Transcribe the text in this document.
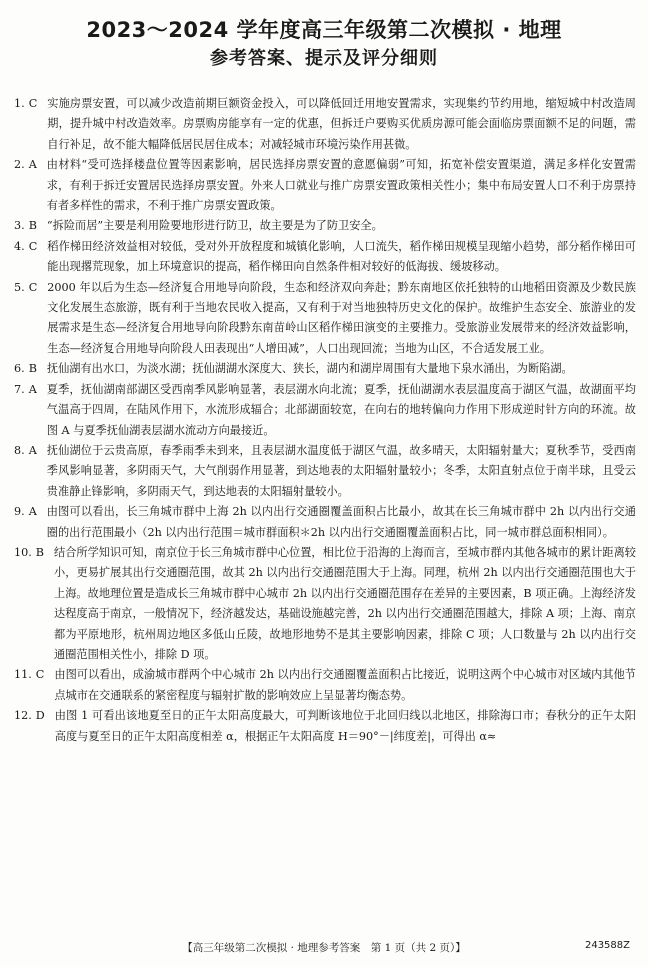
2023～2024 学年度高三年级第二次模拟 · 地理
参考答案、提示及评分细则
1. C 实施房票安置，可以减少改造前期巨额资金投入，可以降低回迁用地安置需求，实现集约节约用地，缩短城中村改造周期，提升城中村改造效率。房票购房能享有一定的优惠，但拆迁户要购买优质房源可能会面临房票面额不足的问题，需自行补足，故不能大幅降低居民居住成本；对减轻城市环境污染作用甚微。
2. A 由材料“受可选择楼盘位置等因素影响，居民选择房票安置的意愿偏弱”可知，拓宽补偿安置渠道，满足多样化安置需求，有利于拆迁安置居民选择房票安置。外来人口就业与推广房票安置政策相关性小；集中布局安置人口不利于房票持有者多样性的需求，不利于推广房票安置政策。
3. B “拆险而居”主要是利用险要地形进行防卫，故主要是为了防卫安全。
4. C 稻作梯田经济效益相对较低，受对外开放程度和城镇化影响，人口流失，稻作梯田规模呈现缩小趋势，部分稻作梯田可能出现撂荒现象，加上环境意识的提高，稻作梯田向自然条件相对较好的低海拔、缓坡移动。
5. C 2000 年以后为生态—经济复合用地导向阶段，生态和经济双向奔赴；黔东南地区依托独特的山地稻田资源及少数民族文化发展生态旅游，既有利于当地农民收入提高，又有利于对当地独特历史文化的保护。故维护生态安全、旅游业的发展需求是生态—经济复合用地导向阶段黔东南苗岭山区稻作梯田演变的主要推力。受旅游业发展带来的经济效益影响，生态—经济复合用地导向阶段人田表现出“人增田减”，人口出现回流；当地为山区，不合适发展工业。
6. B 抚仙湖有出水口，为淡水湖；抚仙湖湖水深度大、狭长，湖内和湖岸周围有大量地下泉水涌出，为断陷湖。
7. A 夏季，抚仙湖南部湖区受西南季风影响显著，表层湖水向北流；夏季，抚仙湖湖水表层温度高于湖区气温，故湖面平均气温高于四周，在陆风作用下，水流形成辐合；北部湖面较宽，在向右的地转偏向力作用下形成逆时针方向的环流。故图 A 与夏季抚仙湖表层湖水流动方向最接近。
8. A 抚仙湖位于云贵高原，春季雨季未到来，且表层湖水温度低于湖区气温，故多晴天，太阳辐射量大；夏秋季节，受西南季风影响显著，多阴雨天气，大气削弱作用显著，到达地表的太阳辐射量较小；冬季，太阳直射点位于南半球，且受云贵准静止锋影响，多阴雨天气，到达地表的太阳辐射量较小。
9. A 由图可以看出，长三角城市群中上海 2h 以内出行交通圈覆盖面积占比最小，故其在长三角城市群中 2h 以内出行交通圈的出行范围最小（2h 以内出行范围＝城市群面积＊2h 以内出行交通圈覆盖面积占比，同一城市群总面积相同）。
10. B 结合所学知识可知，南京位于长三角城市群中心位置，相比位于沿海的上海而言，至城市群内其他各城市的累计距离较小，更易扩展其出行交通圈范围，故其 2h 以内出行交通圈范围大于上海。同理，杭州 2h 以内出行交通圈范围也大于上海。故地理位置是造成长三角城市群中心城市 2h 以内出行交通圈范围存在差异的主要因素，B 项正确。上海经济发达程度高于南京，一般情况下，经济越发达，基础设施越完善，2h 以内出行交通圈范围越大，排除 A 项；上海、南京都为平原地形，杭州周边地区多低山丘陵，故地形地势不是其主要影响因素，排除 C 项；人口数量与 2h 以内出行交通圈范围相关性小，排除 D 项。
11. C 由图可以看出，成渝城市群两个中心城市 2h 以内出行交通圈覆盖面积占比接近，说明这两个中心城市对区域内其他节点城市在交通联系的紧密程度与辐射扩散的影响效应上呈显著均衡态势。
12. D 由图 1 可看出该地夏至日的正午太阳高度最大，可判断该地位于北回归线以北地区，排除海口市；春秋分的正午太阳高度与夏至日的正午太阳高度相差 α，根据正午太阳高度 H＝90°－|纬度差|，可得出 α≈
【高三年级第二次模拟 · 地理参考答案　第 1 页（共 2 页）】	243588Z
